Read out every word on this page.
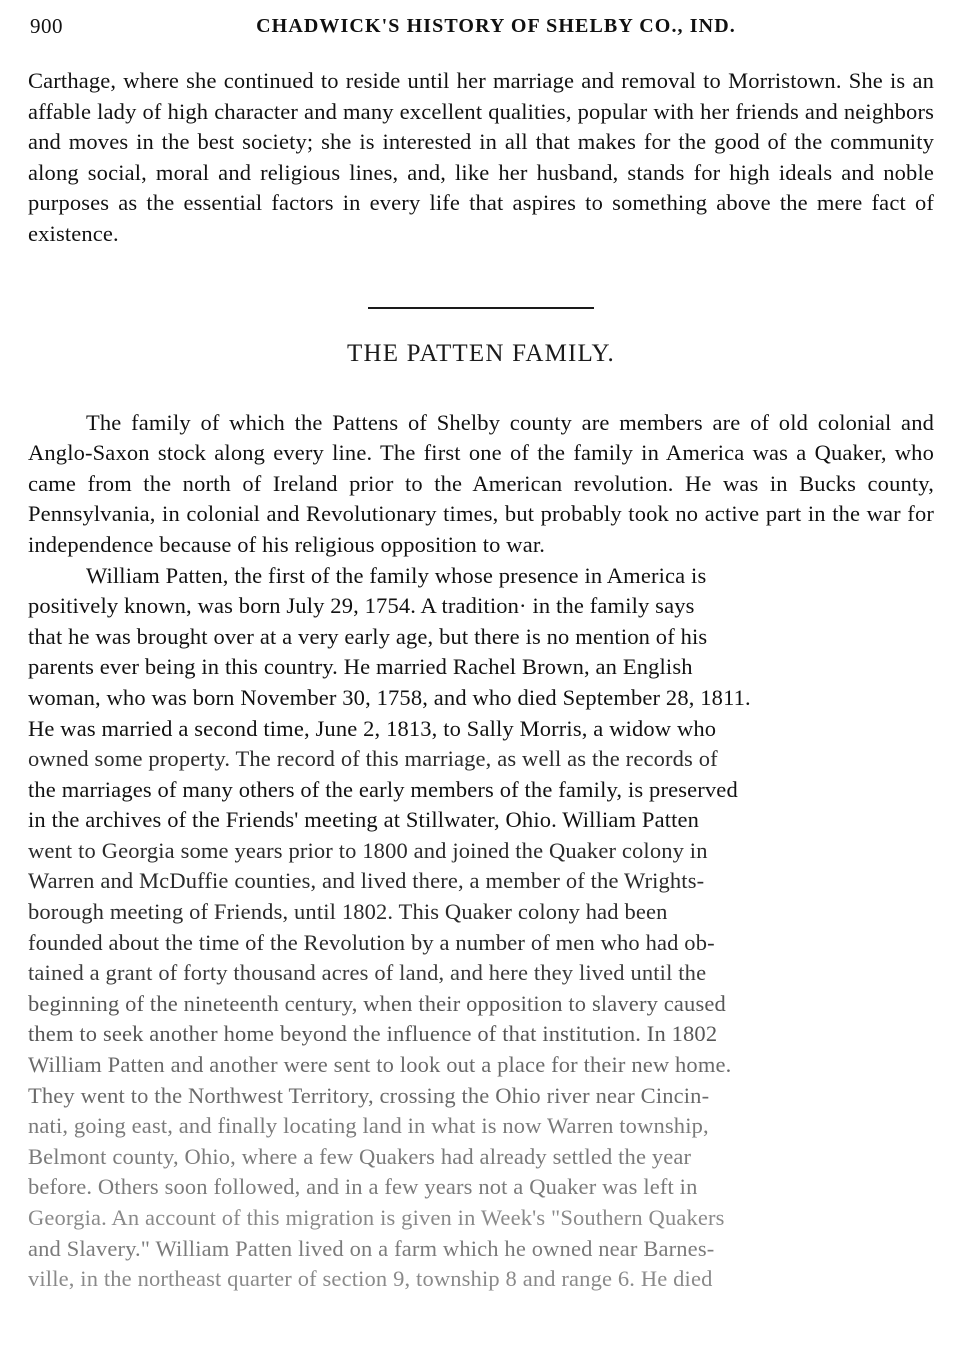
900	CHADWICK'S HISTORY OF SHELBY CO., IND.

Carthage, where she continued to reside until her marriage and removal to Morristown. She is an affable lady of high character and many excellent qualities, popular with her friends and neighbors and moves in the best society; she is interested in all that makes for the good of the community along social, moral and religious lines, and, like her husband, stands for high ideals and noble purposes as the essential factors in every life that aspires to something above the mere fact of existence.

THE PATTEN FAMILY.

The family of which the Pattens of Shelby county are members are of old colonial and Anglo-Saxon stock along every line. The first one of the family in America was a Quaker, who came from the north of Ireland prior to the American revolution. He was in Bucks county, Pennsylvania, in colonial and Revolutionary times, but probably took no active part in the war for independence because of his religious opposition to war.

William Patten, the first of the family whose presence in America is

positively known, was born July 29, 1754. A tradition· in the family says

that he was brought over at a very early age, but there is no mention of his

parents ever being in this country. He married Rachel Brown, an English

woman, who was born November 30, 1758, and who died September 28, 1811.

He was married a second time, June 2, 1813, to Sally Morris, a widow who

owned some property. The record of this marriage, as well as the records of

the marriages of many others of the early members of the family, is preserved

in the archives of the Friends' meeting at Stillwater, Ohio. William Patten

went to Georgia some years prior to 1800 and joined the Quaker colony in

Warren and McDuffie counties, and lived there, a member of the Wrights-

borough meeting of Friends, until 1802. This Quaker colony had been

founded about the time of the Revolution by a number of men who had ob-

tained a grant of forty thousand acres of land, and here they lived until the

beginning of the nineteenth century, when their opposition to slavery caused

them to seek another home beyond the influence of that institution. In 1802

William Patten and another were sent to look out a place for their new home.

They went to the Northwest Territory, crossing the Ohio river near Cincin-

nati, going east, and finally locating land in what is now Warren township,

Belmont county, Ohio, where a few Quakers had already settled the year

before. Others soon followed, and in a few years not a Quaker was left in

Georgia. An account of this migration is given in Week's "Southern Quakers

and Slavery." William Patten lived on a farm which he owned near Barnes-

ville, in the northeast quarter of section 9, township 8 and range 6. He died
